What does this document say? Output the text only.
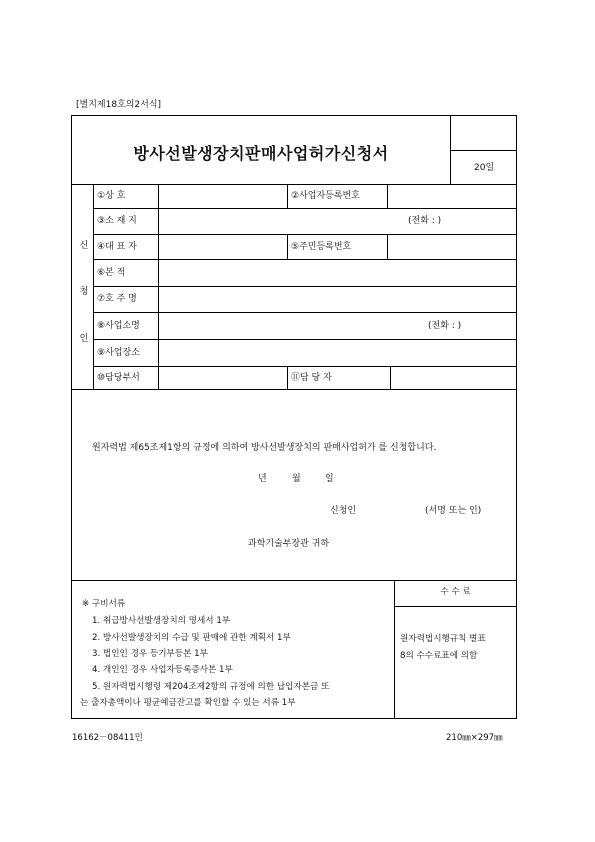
[별지제18호의2서식]
방사선발생장치판매사업허가신청서
20일
신
청
인
①상 호	②사업자등록번호
③소 재 지	(전화 : )
④대 표 자	⑤주민등록번호
⑥본 적
⑦호 주 명
⑧사업소명	(전화 : )
⑨사업장소
⑩담당부서	⑪담 당 자
원자력법 제65조제1항의 규정에 의하여 방사선발생장치의 판매사업허가 를 신청합니다.
년	월	일
신청인	(서명 또는 인)
과학기술부장관 귀하
※ 구비서류
1. 취급방사선발생장치의 명세서 1부
2. 방사선발생장치의 수급 및 판매에 관한 계획서 1부
3. 법인인 경우 등기부등본 1부
4. 개인인 경우 사업자등록증사본 1부
5. 원자력법시행령 제204조제2항의 규정에 의한 납입자본금 또
는 출자총액이나 평균예금잔고를 확인할 수 있는 서류 1부
수 수 료
원자력법시행규칙 별표
8의 수수료표에 의함
16162－08411민	210㎜×297㎜
